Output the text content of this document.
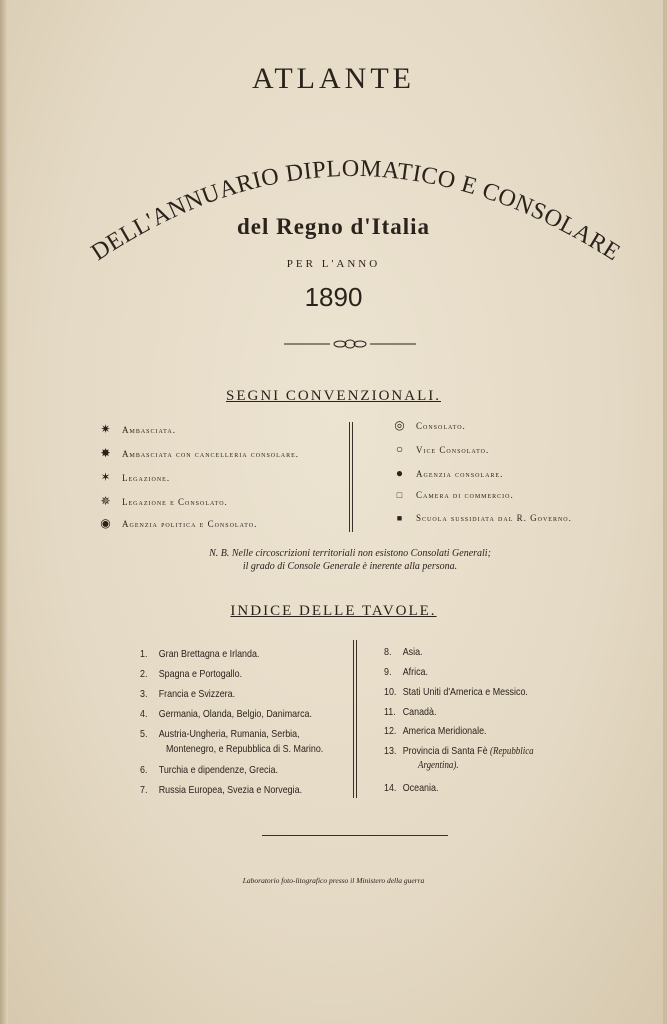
ATLANTE
DELL'ANNUARIO DIPLOMATICO E CONSOLARE
del Regno d'Italia
PER L'ANNO
1890
SEGNI CONVENZIONALI.
✷ Ambasciata.
✸ Ambasciata con cancelleria consolare.
✶ Legazione.
✵ Legazione e Consolato.
◉ Agenzia politica e Consolato.
◎ Consolato.
○ Vice Consolato.
● Agenzia consolare.
□ Camera di commercio.
■ Scuola sussidiata dal R. Governo.
N. B. Nelle circoscrizioni territoriali non esistono Consolati Generali;
il grado di Console Generale è inerente alla persona.
INDICE DELLE TAVOLE.
1. Gran Brettagna e Irlanda.
2. Spagna e Portogallo.
3. Francia e Svizzera.
4. Germania, Olanda, Belgio, Danimarca.
5. Austria-Ungheria, Rumania, Serbia,
Montenegro, e Repubblica di S. Marino.
6. Turchia e dipendenze, Grecia.
7. Russia Europea, Svezia e Norvegia.
8. Asia.
9. Africa.
10. Stati Uniti d'America e Messico.
11. Canadà.
12. America Meridionale.
13. Provincia di Santa Fè (Repubblica
Argentina).
14. Oceania.
Laboratorio foto-litografico presso il Ministero della guerra
